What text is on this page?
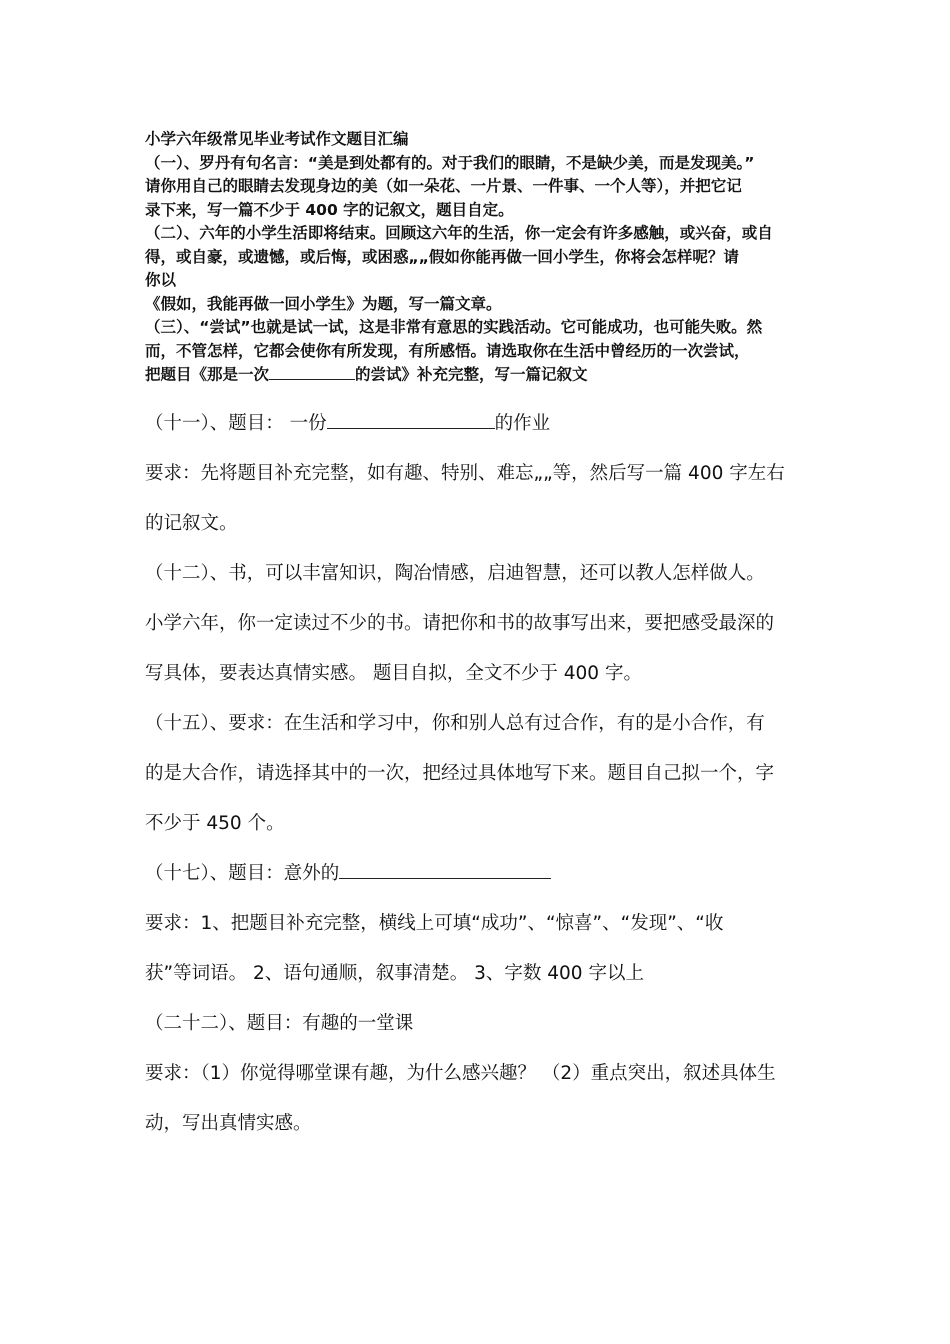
小学六年级常见毕业考试作文题目汇编

（一）、罗丹有句名言：“美是到处都有的。对于我们的眼睛，不是缺少美，而是发现美。”

请你用自己的眼睛去发现身边的美（如一朵花、一片景、一件事、一个人等），并把它记

录下来，写一篇不少于 400 字的记叙文，题目自定。

（二）、六年的小学生活即将结束。回顾这六年的生活，你一定会有许多感触，或兴奋，或自

得，或自豪，或遗憾，或后悔，或困惑„„假如你能再做一回小学生，你将会怎样呢？请

你以

《假如，我能再做一回小学生》为题，写一篇文章。

（三）、“尝试”也就是试一试，这是非常有意思的实践活动。它可能成功，也可能失败。然

而，不管怎样，它都会使你有所发现，有所感悟。请选取你在生活中曾经历的一次尝试，

把题目《那是一次	的尝试》补充完整，写一篇记叙文

（十一）、题目： 一份	的作业

要求：先将题目补充完整，如有趣、特别、难忘„„等，然后写一篇 400 字左右

的记叙文。

（十二）、书，可以丰富知识，陶冶情感，启迪智慧，还可以教人怎样做人。

小学六年，你一定读过不少的书。请把你和书的故事写出来，要把感受最深的

写具体，要表达真情实感。 题目自拟，全文不少于 400 字。

（十五）、要求：在生活和学习中，你和别人总有过合作，有的是小合作，有

的是大合作，请选择其中的一次，把经过具体地写下来。题目自己拟一个，字

不少于 450 个。

（十七）、题目：意外的

要求：1、把题目补充完整，横线上可填“成功”、“惊喜”、“发现”、“收

获”等词语。 2、语句通顺，叙事清楚。 3、字数 400 字以上

（二十二）、题目：有趣的一堂课

要求：（1）你觉得哪堂课有趣，为什么感兴趣？ （2）重点突出，叙述具体生

动，写出真情实感。
